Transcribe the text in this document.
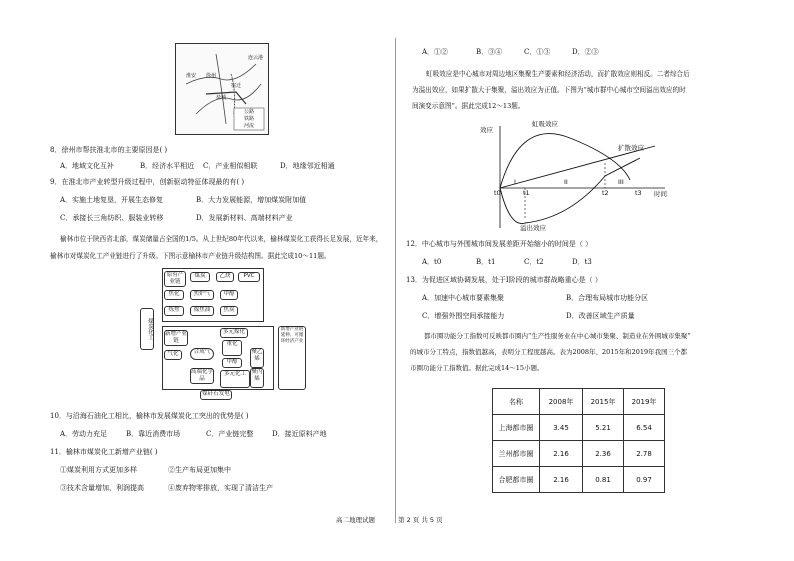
徐州
宿迁
连云港
淮安
盐城
公路
铁路
河流
8．徐州市帮扶淮北市的主要原因是( )
A．地域文化互补	B．经济水平相近 C．产业相似相联	D．地缘邻近相通
9．在淮北市产业转型升级过程中，创新驱动特征体现最的有( )
A．实施土地复垦，开展生态修复	B．大力发展能源，增加煤炭附加值
C．承接长三角纺织、服装业转移	D．发展新材料、高端材料产业
榆林市位于陕西省北部，煤炭储量占全国的1/5。从上世纪80年代以来，榆林煤炭化工获得长足发展，近年来，
榆林市对煤炭化工产业链进行了升级。下图示意榆林市产业链升级结构图。据此完成10～11题。
煤炭化工
原有产业链
煤炭	乙炔	PVC
焦化	焦炉气	甲醇
煤焦油
炼焦	焦炭
新增产业链
多元煤化
重化
气化	合成气
甲醇
多元化工
聚乙烯
聚丙烯
高端化学品
新增产业链延伸、可循环经济产业
煤矸石发电
10．与沿海石油化工相比，榆林市发展煤炭化工突出的优势是( )
A．劳动力充足	B．靠近消费市场	C．产业链完整	D．接近原料产地
11．榆林市煤炭化工新增产业链( )
①煤炭利用方式更加多样	②生产布局更加集中
③技术含量增加，利润提高	④废弃物零排放，实现了清洁生产
A．①②	B．③④	C．①③	D．②③
虹吸效应是中心城市对周边地区集聚生产要素和经济活动，而扩散效应则相反。二者综合后
为溢出效应，如果扩散大于集聚，溢出效应为正值。下图为“城市群中心城市空间溢出效应的时
间演变示意图”。据此完成12～13题。
效应
时间
虹吸效应
扩散效应
溢出效应
I	II	III
t0	t1	t2	t3
12．中心城市与外围城市间发展差距开始缩小的时间是（ ）
A．t0	B．t1	C．t2	D．t3
13．为促进区域协调发展，处于I阶段的城市群战略重心是（ ）
A．加速中心城市要素集聚	B．合理布局城市功能分区
C．增强外围空间承接能力	D．改善区域生产质量
都市圈功能分工指数可反映都市圈内“生产性服务业在中心城市集聚、制造业在外围城市集聚”
的城市分工特点，指数值越高，表明分工程度越高。表为2008年、2015年和2019年我国三个都
市圈功能分工指数值。据此完成14～15小题。
名称	2008年	2015年	2019年
上海都市圈	3.45	5.21	6.54
兰州都市圈	2.16	2.36	2.78
合肥都市圈	2.16	0.81	0.97
高二地理试题	第 2 页 共 5 页
